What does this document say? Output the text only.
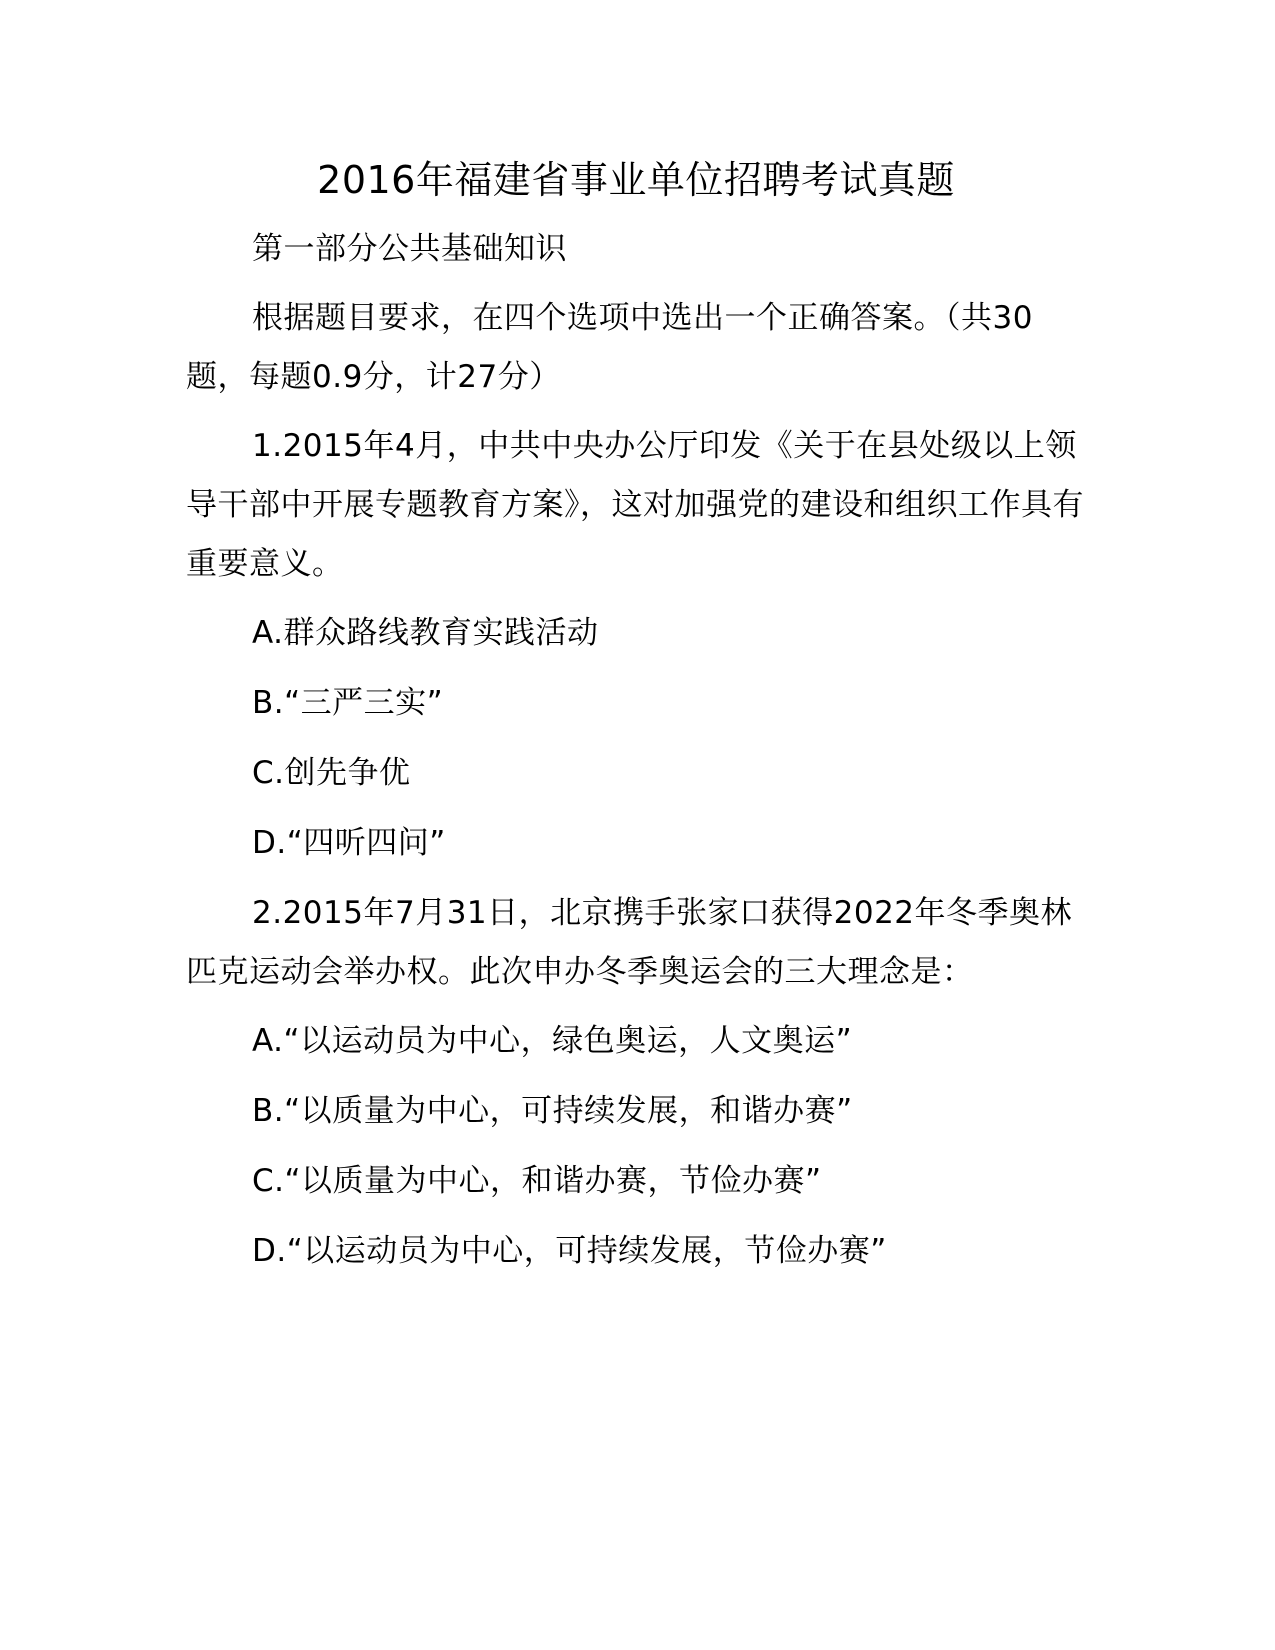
2016年福建省事业单位招聘考试真题

第一部分公共基础知识

根据题目要求，在四个选项中选出一个正确答案。（共30题，每题0.9分，计27分）

1.2015年4月，中共中央办公厅印发《关于在县处级以上领导干部中开展专题教育方案》，这对加强党的建设和组织工作具有重要意义。

A.群众路线教育实践活动

B.“三严三实”

C.创先争优

D.“四听四问”

2.2015年7月31日，北京携手张家口获得2022年冬季奥林匹克运动会举办权。此次申办冬季奥运会的三大理念是：

A.“以运动员为中心，绿色奥运，人文奥运”

B.“以质量为中心，可持续发展，和谐办赛”

C.“以质量为中心，和谐办赛，节俭办赛”

D.“以运动员为中心，可持续发展，节俭办赛”
